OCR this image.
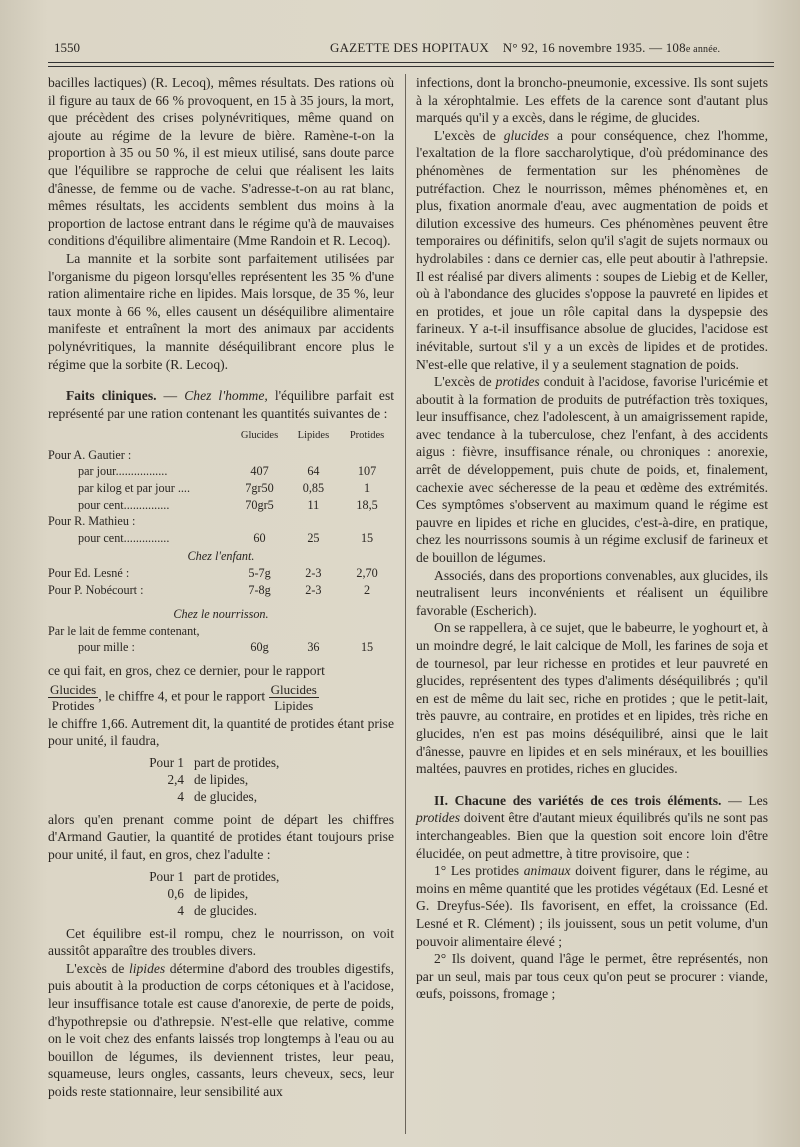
1550	GAZETTE DES HOPITAUX N° 92, 16 novembre 1935. — 108e année.

bacilles lactiques) (R. Lecoq), mêmes résultats. Des rations où il figure au taux de 66 % provoquent, en 15 à 35 jours, la mort, que précèdent des crises polynévritiques, même quand on ajoute au régime de la levure de bière. Ramène-t-on la proportion à 35 ou 50 %, il est mieux utilisé, sans doute parce que l'équilibre se rapproche de celui que réalisent les laits d'ânesse, de femme ou de vache. S'adresse-t-on au rat blanc, mêmes résultats, les accidents semblent dus moins à la proportion de lactose entrant dans le régime qu'à de mauvaises conditions d'équilibre alimentaire (Mme Randoin et R. Lecoq).

La mannite et la sorbite sont parfaitement utilisées par l'organisme du pigeon lorsqu'elles représentent les 35 % d'une ration alimentaire riche en lipides. Mais lorsque, de 35 %, leur taux monte à 66 %, elles causent un déséquilibre alimentaire manifeste et entraînent la mort des animaux par accidents polynévritiques, la mannite déséquilibrant encore plus le régime que la sorbite (R. Lecoq).

Faits cliniques. — Chez l'homme, l'équilibre parfait est représenté par une ration contenant les quantités suivantes de :

	Glucides	Lipides	Protides
Pour A. Gautier :			
par jour.................	407	64	107
par kilog et par jour ....	7gr50	0,85	1
pour cent...............	70gr5	11	18,5
Pour R. Mathieu :			
pour cent...............	60	25	15
Chez l'enfant.			
Pour Ed. Lesné :	5-7g	2-3	2,70
Pour P. Nobécourt :	7-8g	2-3	2
Chez le nourrisson.			
Par le lait de femme contenant,			
pour mille :	60g	36	15

ce qui fait, en gros, chez ce dernier, pour le rapport

$\frac{\text{Glucides}}{\text{Protides}}$ , le chiffre 4, et pour le rapport $\frac{\text{Glucides}}{\text{Lipides}}$

le chiffre 1,66. Autrement dit, la quantité de protides étant prise pour unité, il faudra,

Pour 1 part de protides,
2,4 de lipides,
4 de glucides,

alors qu'en prenant comme point de départ les chiffres d'Armand Gautier, la quantité de protides étant toujours prise pour unité, il faut, en gros, chez l'adulte :

Pour 1 part de protides,
0,6 de lipides,
4 de glucides.

Cet équilibre est-il rompu, chez le nourrisson, on voit aussitôt apparaître des troubles divers.

L'excès de lipides détermine d'abord des troubles digestifs, puis aboutit à la production de corps cétoniques et à l'acidose, leur insuffisance totale est cause d'anorexie, de perte de poids, d'hypothrepsie ou d'athrepsie. N'est-elle que relative, comme on le voit chez des enfants laissés trop longtemps à l'eau ou au bouillon de légumes, ils deviennent tristes, leur peau, squameuse, leurs ongles, cassants, leurs cheveux, secs, leur poids reste stationnaire, leur sensibilité aux

infections, dont la broncho-pneumonie, excessive. Ils sont sujets à la xérophtalmie. Les effets de la carence sont d'autant plus marqués qu'il y a excès, dans le régime, de glucides.

L'excès de glucides a pour conséquence, chez l'homme, l'exaltation de la flore saccharolytique, d'où prédominance des phénomènes de fermentation sur les phénomènes de putréfaction. Chez le nourrisson, mêmes phénomènes et, en plus, fixation anormale d'eau, avec augmentation de poids et dilution excessive des humeurs. Ces phénomènes peuvent être temporaires ou définitifs, selon qu'il s'agit de sujets normaux ou hydrolabiles : dans ce dernier cas, elle peut aboutir à l'athrepsie. Il est réalisé par divers aliments : soupes de Liebig et de Keller, où à l'abondance des glucides s'oppose la pauvreté en lipides et en protides, et joue un rôle capital dans la dyspepsie des farineux. Y a-t-il insuffisance absolue de glucides, l'acidose est inévitable, surtout s'il y a un excès de lipides et de protides. N'est-elle que relative, il y a seulement stagnation de poids.

L'excès de protides conduit à l'acidose, favorise l'uricémie et aboutit à la formation de produits de putréfaction très toxiques, leur insuffisance, chez l'adolescent, à un amaigrissement rapide, avec tendance à la tuberculose, chez l'enfant, à des accidents aigus : fièvre, insuffisance rénale, ou chroniques : anorexie, arrêt de développement, puis chute de poids, et, finalement, cachexie avec sécheresse de la peau et œdème des extrémités. Ces symptômes s'observent au maximum quand le régime est pauvre en lipides et riche en glucides, c'est-à-dire, en pratique, chez les nourrissons soumis à un régime exclusif de farineux et de bouillon de légumes.

Associés, dans des proportions convenables, aux glucides, ils neutralisent leurs inconvénients et réalisent un équilibre favorable (Escherich).

On se rappellera, à ce sujet, que le babeurre, le yoghourt et, à un moindre degré, le lait calcique de Moll, les farines de soja et de tournesol, par leur richesse en protides et leur pauvreté en glucides, représentent des types d'aliments déséquilibrés ; qu'il en est de même du lait sec, riche en protides ; que le petit-lait, très pauvre, au contraire, en protides et en lipides, très riche en glucides, n'en est pas moins déséquilibré, ainsi que le lait d'ânesse, pauvre en lipides et en sels minéraux, et les bouillies maltées, pauvres en protides, riches en glucides.

II. Chacune des variétés de ces trois éléments. — Les protides doivent être d'autant mieux équilibrés qu'ils ne sont pas interchangeables. Bien que la question soit encore loin d'être élucidée, on peut admettre, à titre provisoire, que :

1° Les protides animaux doivent figurer, dans le régime, au moins en même quantité que les protides végétaux (Ed. Lesné et G. Dreyfus-Sée). Ils favorisent, en effet, la croissance (Ed. Lesné et R. Clément) ; ils jouissent, sous un petit volume, d'un pouvoir alimentaire élevé ;

2° Ils doivent, quand l'âge le permet, être représentés, non par un seul, mais par tous ceux qu'on peut se procurer : viande, œufs, poissons, fromage ;
